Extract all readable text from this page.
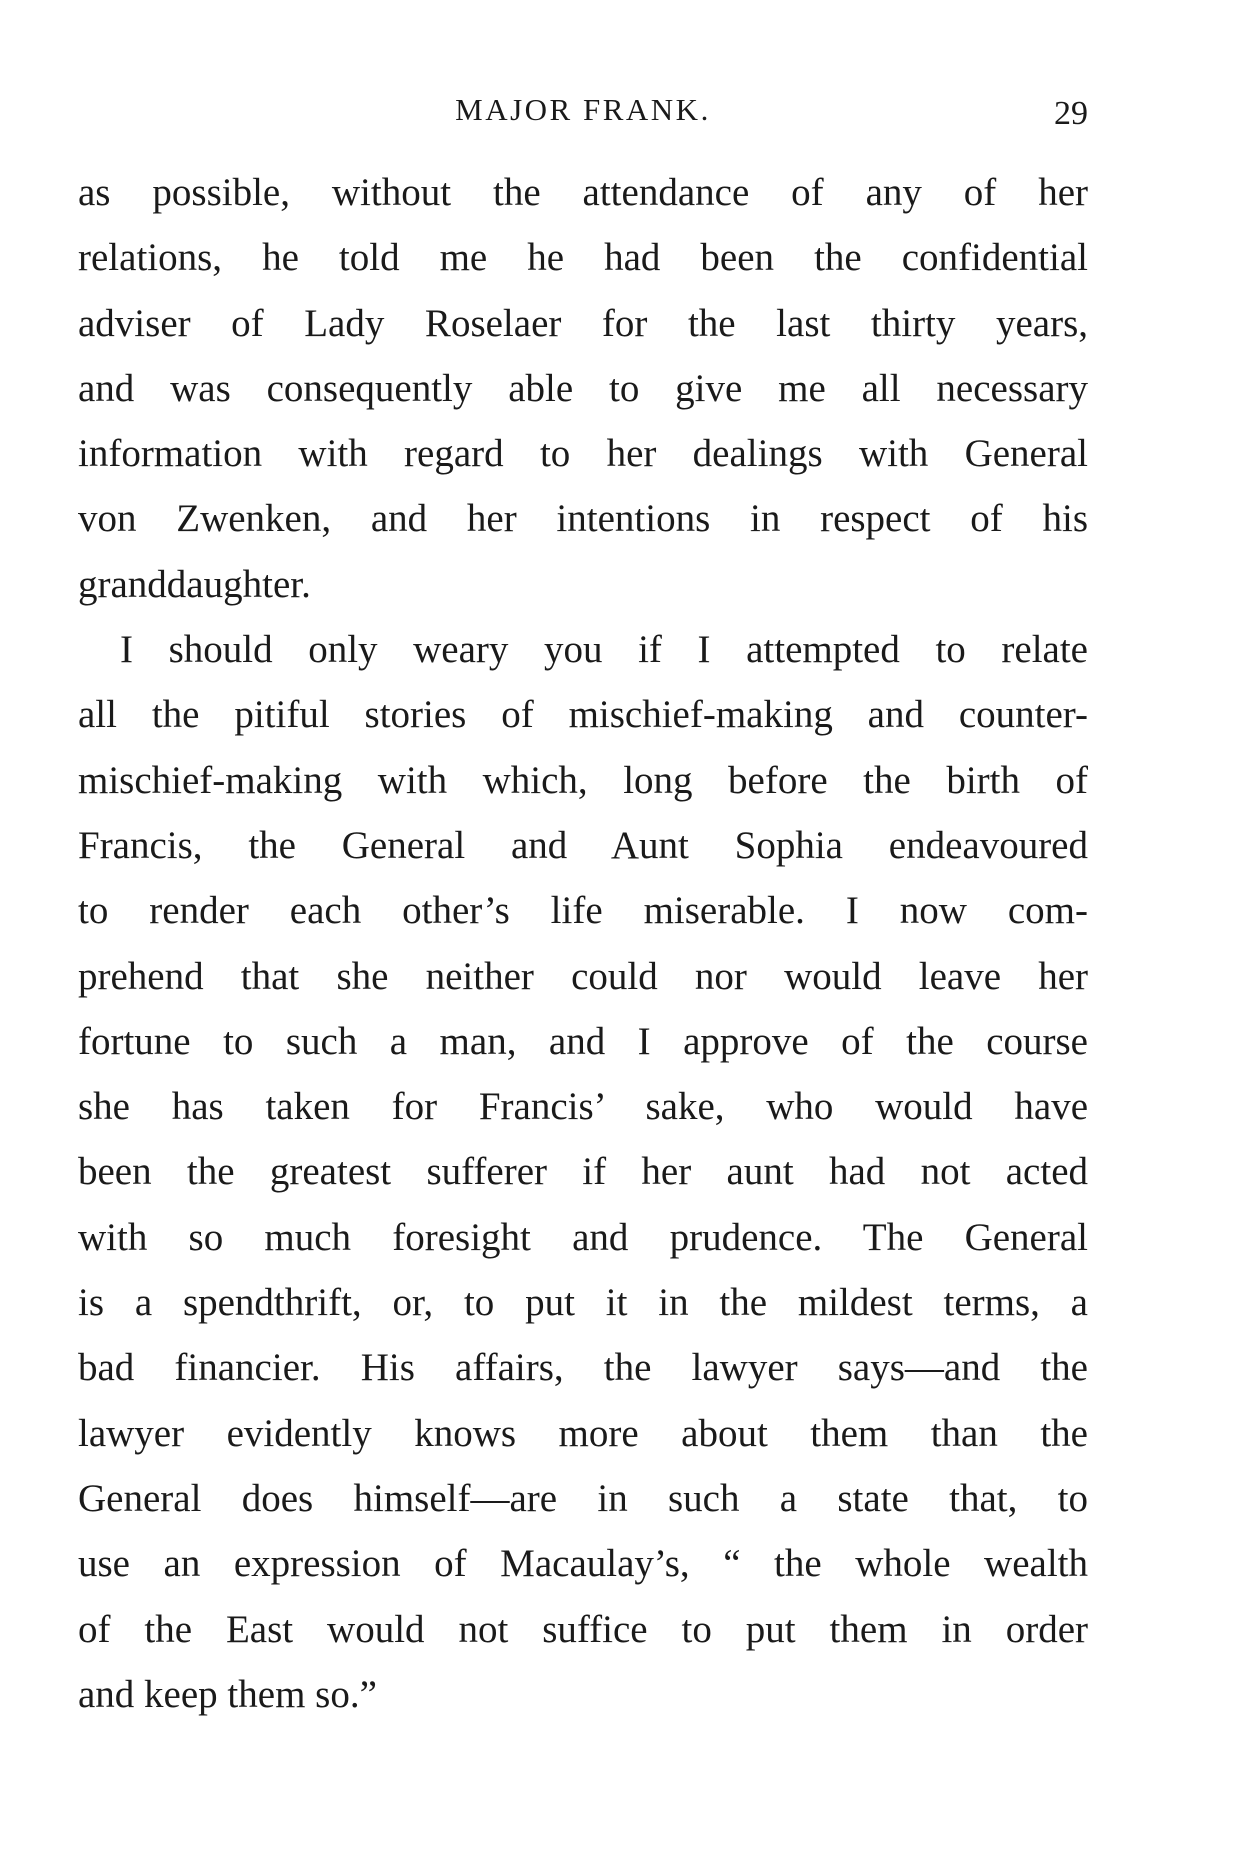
MAJOR FRANK.	29
as possible, without the attendance of any of her
relations, he told me he had been the confidential
adviser of Lady Roselaer for the last thirty years,
and was consequently able to give me all necessary
information with regard to her dealings with General
von Zwenken, and her intentions in respect of his
granddaughter.
I should only weary you if I attempted to relate
all the pitiful stories of mischief-making and counter-
mischief-making with which, long before the birth of
Francis, the General and Aunt Sophia endeavoured
to render each other’s life miserable. I now com-
prehend that she neither could nor would leave her
fortune to such a man, and I approve of the course
she has taken for Francis’ sake, who would have
been the greatest sufferer if her aunt had not acted
with so much foresight and prudence. The General
is a spendthrift, or, to put it in the mildest terms, a
bad financier. His affairs, the lawyer says—and the
lawyer evidently knows more about them than the
General does himself—are in such a state that, to
use an expression of Macaulay’s, “ the whole wealth
of the East would not suffice to put them in order
and keep them so.”
